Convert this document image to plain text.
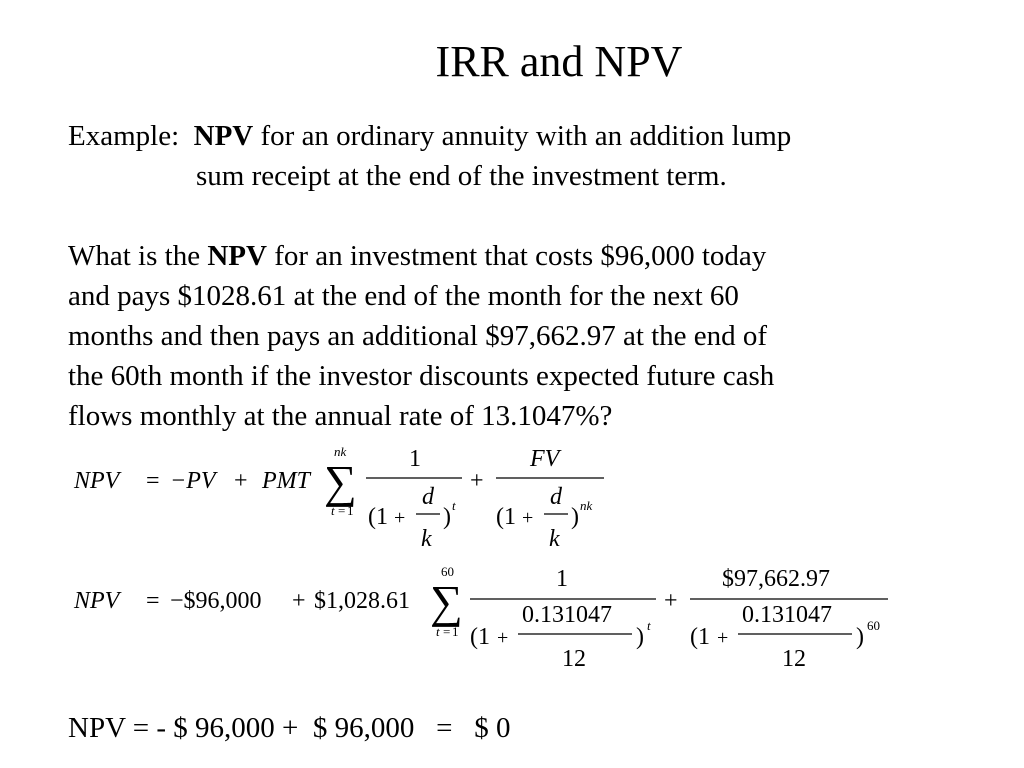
IRR and NPV

Example: NPV for an ordinary annuity with an addition lump

sum receipt at the end of the investment term.

What is the NPV for an investment that costs $96,000 today

and pays $1028.61 at the end of the month for the next 60

months and then pays an additional $97,662.97 at the end of

the 60th month if the investor discounts expected future cash

flows monthly at the annual rate of 13.1047%?

NPV = −PV + PMT ∑
nk
t = 1
1
(1 +
d
k
) t
+
FV
(1 +
d
k
) nk
NPV = −$96,000 + $1,028.61 ∑
60
t = 1
1
(1 +
0.131047
12
) t
+
$97,662.97
(1 +
0.131047
12
) 60
NPV = - $ 96,000 +  $ 96,000   =   $ 0
